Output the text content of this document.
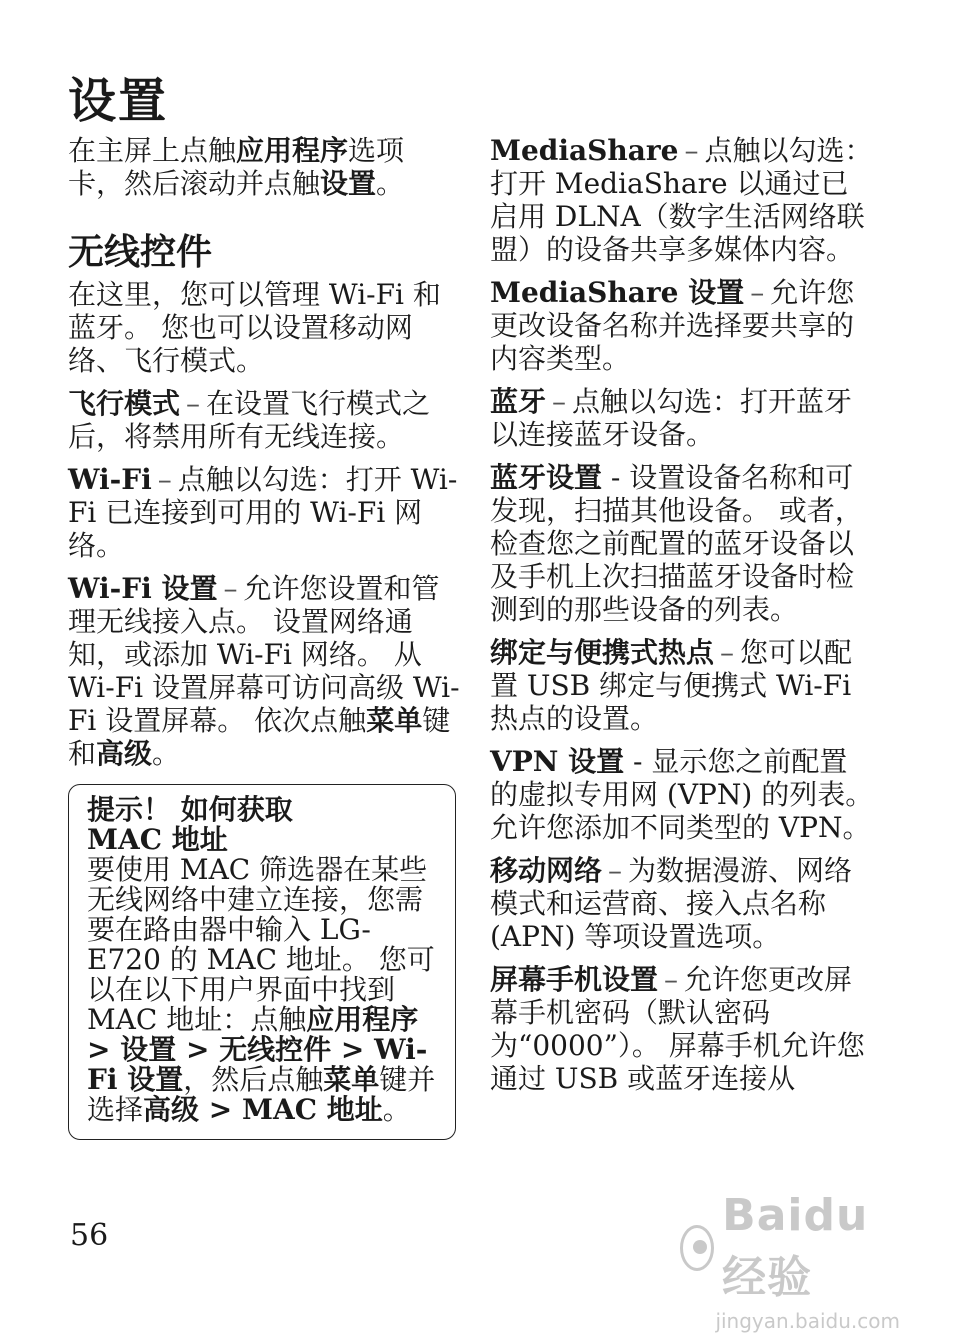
设置

在主屏上点触应用程序选项卡，然后滚动并点触设置。

无线控件

在这里，您可以管理 Wi-Fi 和蓝牙。 您也可以设置移动网络、飞行模式。

飞行模式 – 在设置飞行模式之后，将禁用所有无线连接。

Wi-Fi – 点触以勾选：打开 Wi-Fi 已连接到可用的 Wi-Fi 网络。

Wi-Fi 设置 – 允许您设置和管理无线接入点。 设置网络通知，或添加 Wi-Fi 网络。 从 Wi-Fi 设置屏幕可访问高级 Wi-Fi 设置屏幕。 依次点触菜单键和高级。

提示！ 如何获取
MAC 地址
要使用 MAC 筛选器在某些无线网络中建立连接，您需要在路由器中输入 LG-E720 的 MAC 地址。 您可以在以下用户界面中找到 MAC 地址：点触应用程序 > 设置 > 无线控件 > Wi-Fi 设置，然后点触菜单键并选择高级 > MAC 地址。

MediaShare – 点触以勾选：打开 MediaShare 以通过已启用 DLNA（数字生活网络联盟）的设备共享多媒体内容。

MediaShare 设置 – 允许您更改设备名称并选择要共享的内容类型。

蓝牙 – 点触以勾选：打开蓝牙以连接蓝牙设备。

蓝牙设置 - 设置设备名称和可发现，扫描其他设备。 或者，检查您之前配置的蓝牙设备以及手机上次扫描蓝牙设备时检测到的那些设备的列表。

绑定与便携式热点 – 您可以配置 USB 绑定与便携式 Wi-Fi 热点的设置。

VPN 设置 - 显示您之前配置的虚拟专用网 (VPN) 的列表。 允许您添加不同类型的 VPN。

移动网络 – 为数据漫游、网络模式和运营商、接入点名称 (APN) 等项设置选项。

屏幕手机设置 – 允许您更改屏幕手机密码（默认密码为“0000”）。 屏幕手机允许您通过 USB 或蓝牙连接从

56	Baidu 经验
jingyan.baidu.com
